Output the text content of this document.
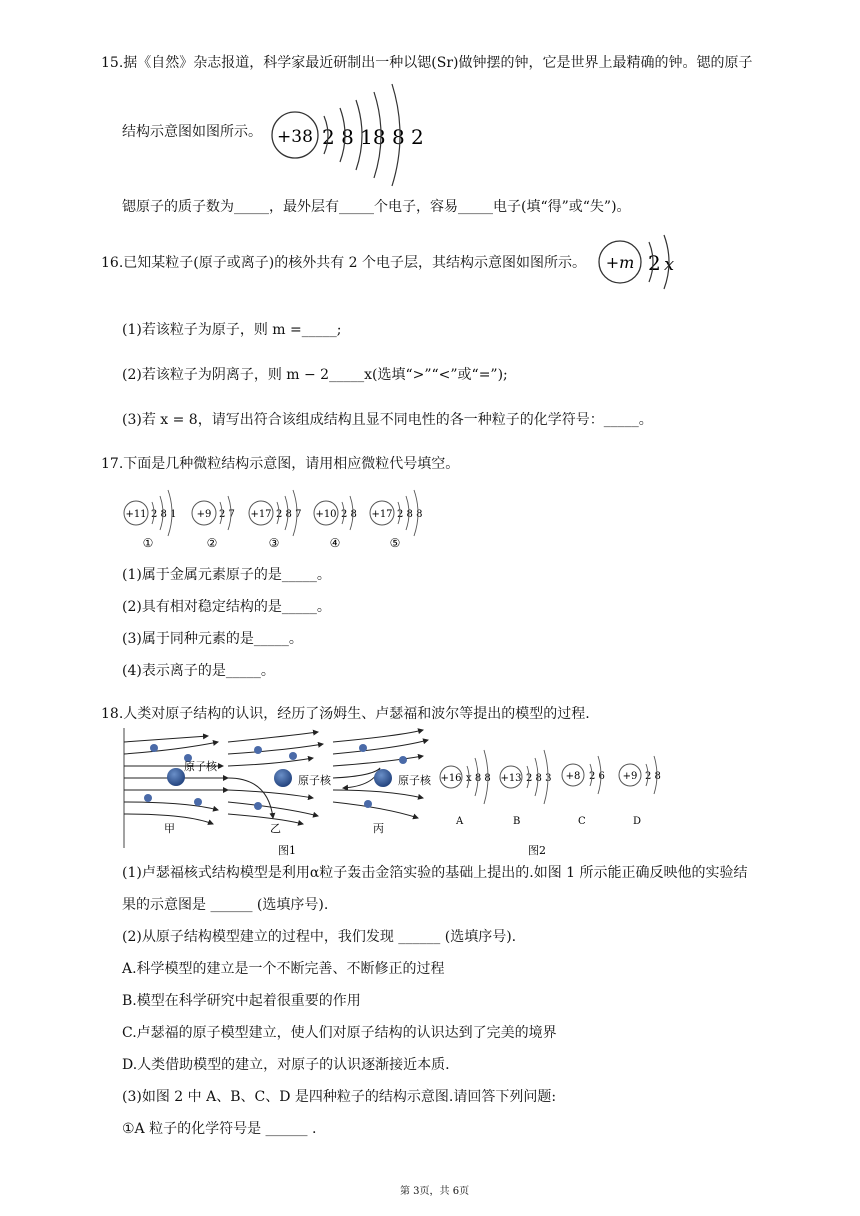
15.据《自然》杂志报道，科学家最近研制出一种以锶(Sr)做钟摆的钟，它是世界上最精确的钟。锶的原子
结构示意图如图所示。 +38 2 8 18 8 2
锶原子的质子数为_____，最外层有_____个电子，容易_____电子(填“得”或“失”)。
16.已知某粒子(原子或离子)的核外共有 2 个电子层，其结构示意图如图所示。 +m 2 x
(1)若该粒子为原子，则 m =_____;
(2)若该粒子为阴离子，则 m − 2_____x(选填“>”“<”或“=”);
(3)若 x = 8，请写出符合该组成结构且显不同电性的各一种粒子的化学符号：_____。
17.下面是几种微粒结构示意图，请用相应微粒代号填空。
+11 2 8 1
①
+9 2 7
②
+17 2 8 7
③
+10 2 8
④
+17 2 8 8
⑤
(1)属于金属元素原子的是_____。
(2)具有相对稳定结构的是_____。
(3)属于同种元素的是_____。
(4)表示离子的是_____。
18.人类对原子结构的认识，经历了汤姆生、卢瑟福和波尔等提出的模型的过程.
原子核
甲
原子核
乙
原子核
丙
图1
+16 x 8 8
A
+13 2 8 3
B
+8 2 6
C
+9 2 8
D
图2
(1)卢瑟福核式结构模型是利用α粒子轰击金箔实验的基础上提出的.如图 1 所示能正确反映他的实验结
果的示意图是 ______ (选填序号).
(2)从原子结构模型建立的过程中，我们发现 ______ (选填序号).
A.科学模型的建立是一个不断完善、不断修正的过程
B.模型在科学研究中起着很重要的作用
C.卢瑟福的原子模型建立，使人们对原子结构的认识达到了完美的境界
D.人类借助模型的建立，对原子的认识逐渐接近本质.
(3)如图 2 中 A、B、C、D 是四种粒子的结构示意图.请回答下列问题:
①A 粒子的化学符号是 ______ .
第 3页，共 6页
